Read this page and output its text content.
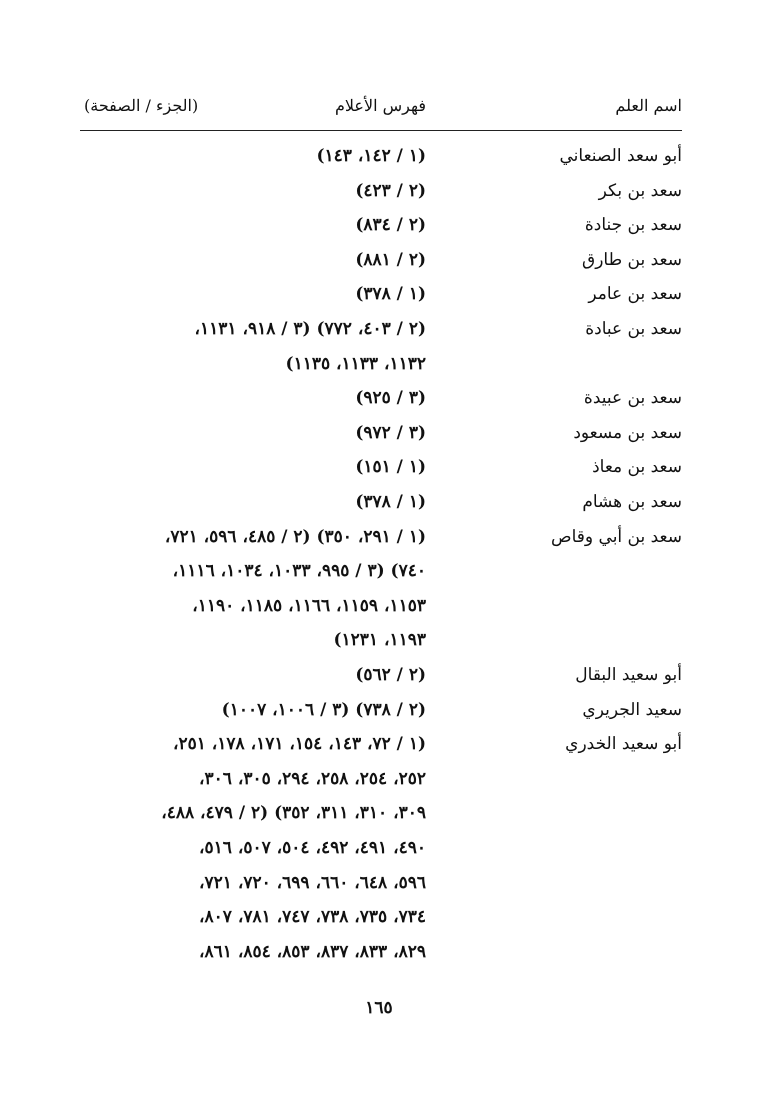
اسم العلم
فهرس الأعلام
(الجزء / الصفحة)
أبو سعد الصنعاني
(١ / ١٤٢، ١٤٣)
سعد بن بكر
(٢ / ٤٢٣)
سعد بن جنادة
(٢ / ٨٣٤)
سعد بن طارق
(٢ / ٨٨١)
سعد بن عامر
(١ / ٣٧٨)
سعد بن عبادة
(٢ / ٤٠٣، ٧٧٢) (٣ / ٩١٨، ١١٣١،
١١٣٢، ١١٣٣، ١١٣٥)
سعد بن عبيدة
(٣ / ٩٢٥)
سعد بن مسعود
(٣ / ٩٧٢)
سعد بن معاذ
(١ / ١٥١)
سعد بن هشام
(١ / ٣٧٨)
سعد بن أبي وقاص
(١ / ٢٩١، ٣٥٠) (٢ / ٤٨٥، ٥٩٦، ٧٢١،
٧٤٠) (٣ / ٩٩٥، ١٠٣٣، ١٠٣٤، ١١١٦،
١١٥٣، ١١٥٩، ١١٦٦، ١١٨٥، ١١٩٠،
١١٩٣، ١٢٣١)
أبو سعيد البقال
(٢ / ٥٦٢)
سعيد الجريري
(٢ / ٧٣٨) (٣ / ١٠٠٦، ١٠٠٧)
أبو سعيد الخدري
(١ / ٧٢، ١٤٣، ١٥٤، ١٧١، ١٧٨، ٢٥١،
٢٥٢، ٢٥٤، ٢٥٨، ٢٩٤، ٣٠٥، ٣٠٦،
٣٠٩، ٣١٠، ٣١١، ٣٥٢) (٢ / ٤٧٩، ٤٨٨،
٤٩٠، ٤٩١، ٤٩٢، ٥٠٤، ٥٠٧، ٥١٦،
٥٩٦، ٦٤٨، ٦٦٠، ٦٩٩، ٧٢٠، ٧٢١،
٧٣٤، ٧٣٥، ٧٣٨، ٧٤٧، ٧٨١، ٨٠٧،
٨٢٩، ٨٣٣، ٨٣٧، ٨٥٣، ٨٥٤، ٨٦١،
١٦٥
